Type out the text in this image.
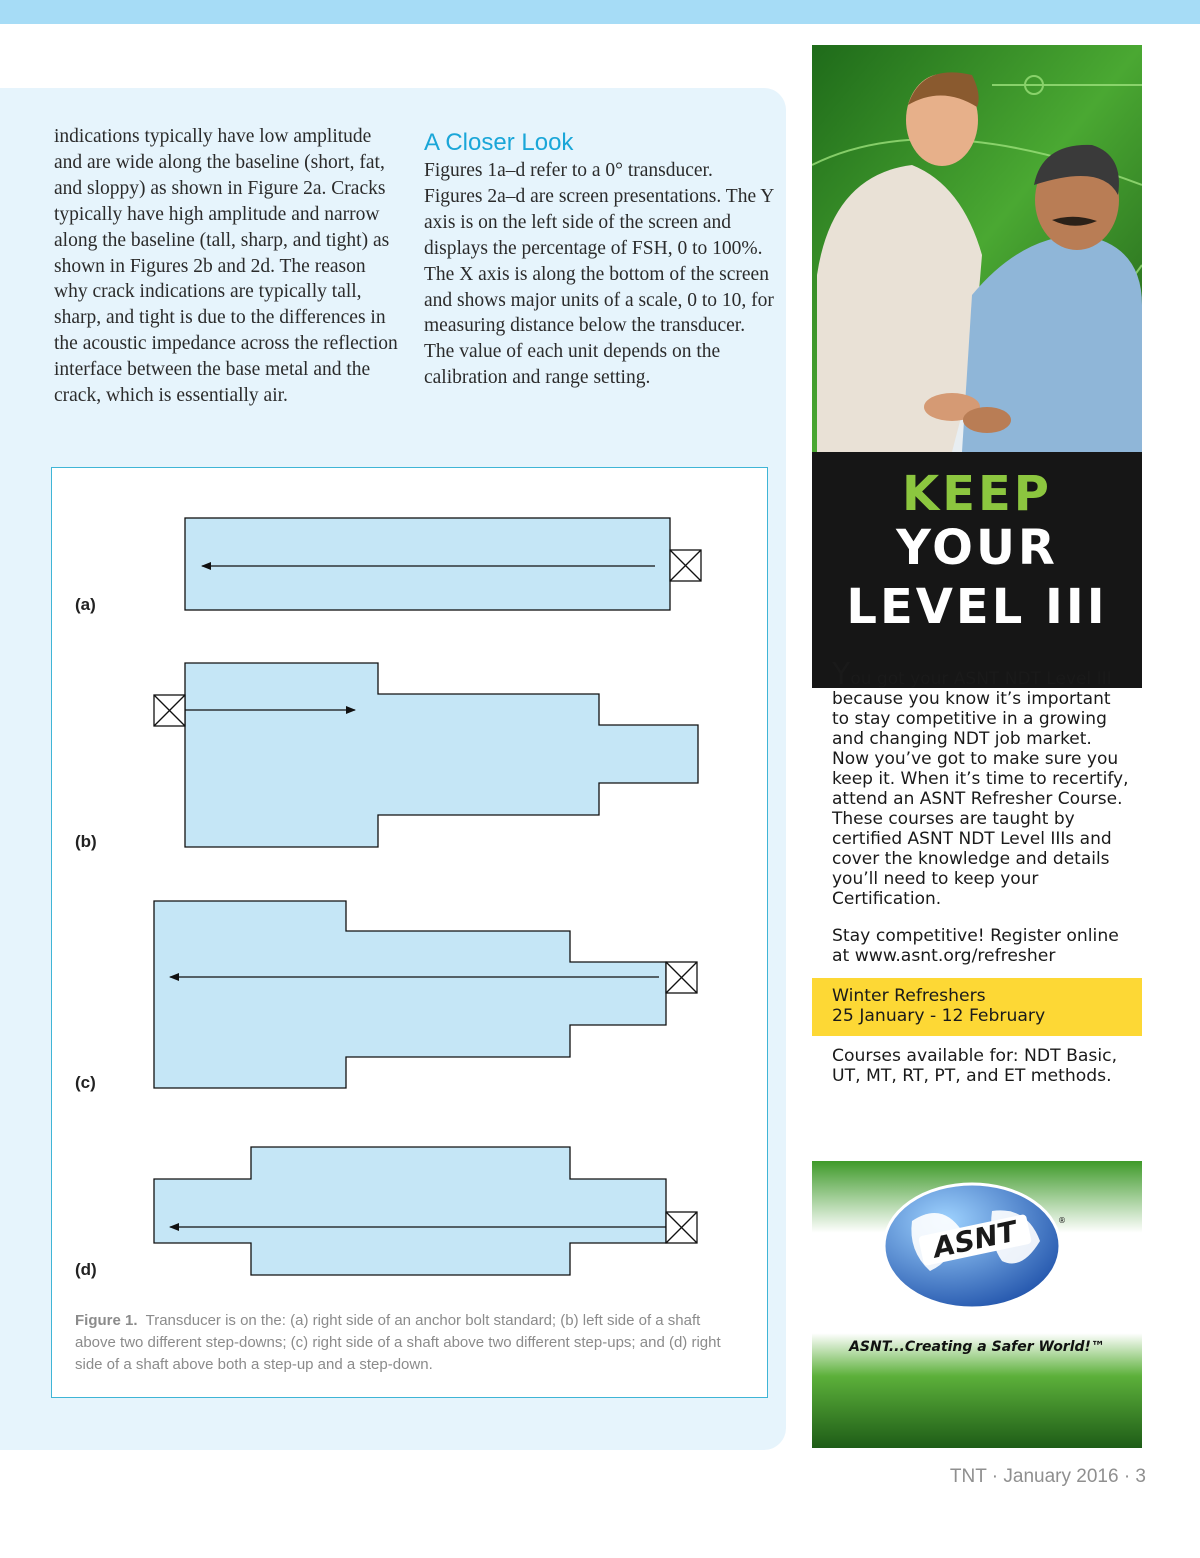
indications typically have low amplitude and are wide along the baseline (short, fat, and sloppy) as shown in Figure 2a. Cracks typically have high amplitude and narrow along the baseline (tall, sharp, and tight) as shown in Figures 2b and 2d. The reason why crack indications are typically tall, sharp, and tight is due to the differences in the acoustic impedance across the reflection interface between the base metal and the crack, which is essentially air.

A Closer Look

Figures 1a–d refer to a 0° transducer. Figures 2a–d are screen presentations. The Y axis is on the left side of the screen and displays the percentage of FSH, 0 to 100%. The X axis is along the bottom of the screen and shows major units of a scale, 0 to 10, for measuring distance below the transducer. The value of each unit depends on the calibration and range setting.

(a)
(b)
(c)
(d)

Figure 1. Transducer is on the: (a) right side of an anchor bolt standard; (b) left side of a shaft above two different step-downs; (c) right side of a shaft above two different step-ups; and (d) right side of a shaft above both a step-up and a step-down.

KEEP

YOUR

LEVEL III

You got your ASNT NDT Level III because you know it’s important to stay competitive in a growing and changing NDT job market. Now you’ve got to make sure you keep it. When it’s time to recertify, attend an ASNT Refresher Course. These courses are taught by certified ASNT NDT Level IIIs and cover the knowledge and details you’ll need to keep your Certification.

Stay competitive! Register online at www.asnt.org/refresher

Winter Refreshers
25 January - 12 February

Courses available for: NDT Basic, UT, MT, RT, PT, and ET methods.

ASNT	®

ASNT...Creating a Safer World!™

TNT · January 2016 · 3
